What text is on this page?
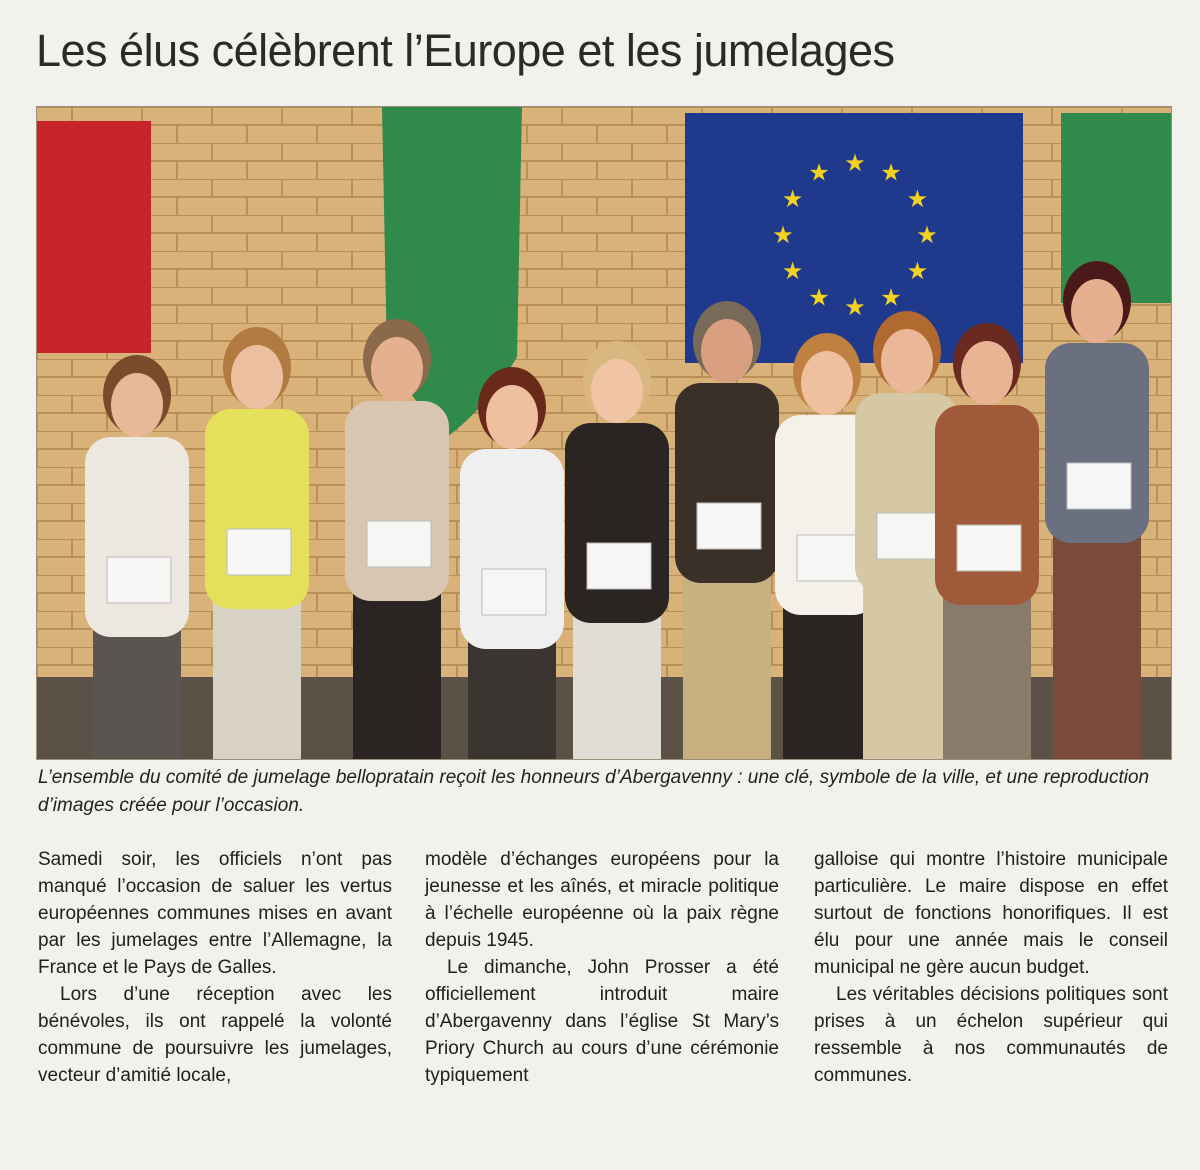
Les élus célèbrent l’Europe et les jumelages
★ ★
★
★
★
★
★
★
★
★
★
★
L’ensemble du comité de jumelage bellopratain reçoit les honneurs d’Abergavenny : une clé, symbole de la ville, et une reproduction d’images créée pour l’occasion.

Samedi soir, les officiels n’ont pas manqué l’occasion de saluer les vertus européennes communes mises en avant par les jumelages entre l’Allemagne, la France et le Pays de Galles.

Lors d’une réception avec les bénévoles, ils ont rappelé la volonté commune de poursuivre les jumelages, vecteur d’amitié locale,

modèle d’échanges européens pour la jeunesse et les aînés, et miracle politique à l’échelle européenne où la paix règne depuis 1945.

Le dimanche, John Prosser a été officiellement introduit maire d’Abergavenny dans l’église St Mary’s Priory Church au cours d’une cérémonie typiquement

galloise qui montre l’histoire municipale particulière. Le maire dispose en effet surtout de fonctions honorifiques. Il est élu pour une année mais le conseil municipal ne gère aucun budget.

Les véritables décisions politiques sont prises à un échelon supérieur qui ressemble à nos communautés de communes.
